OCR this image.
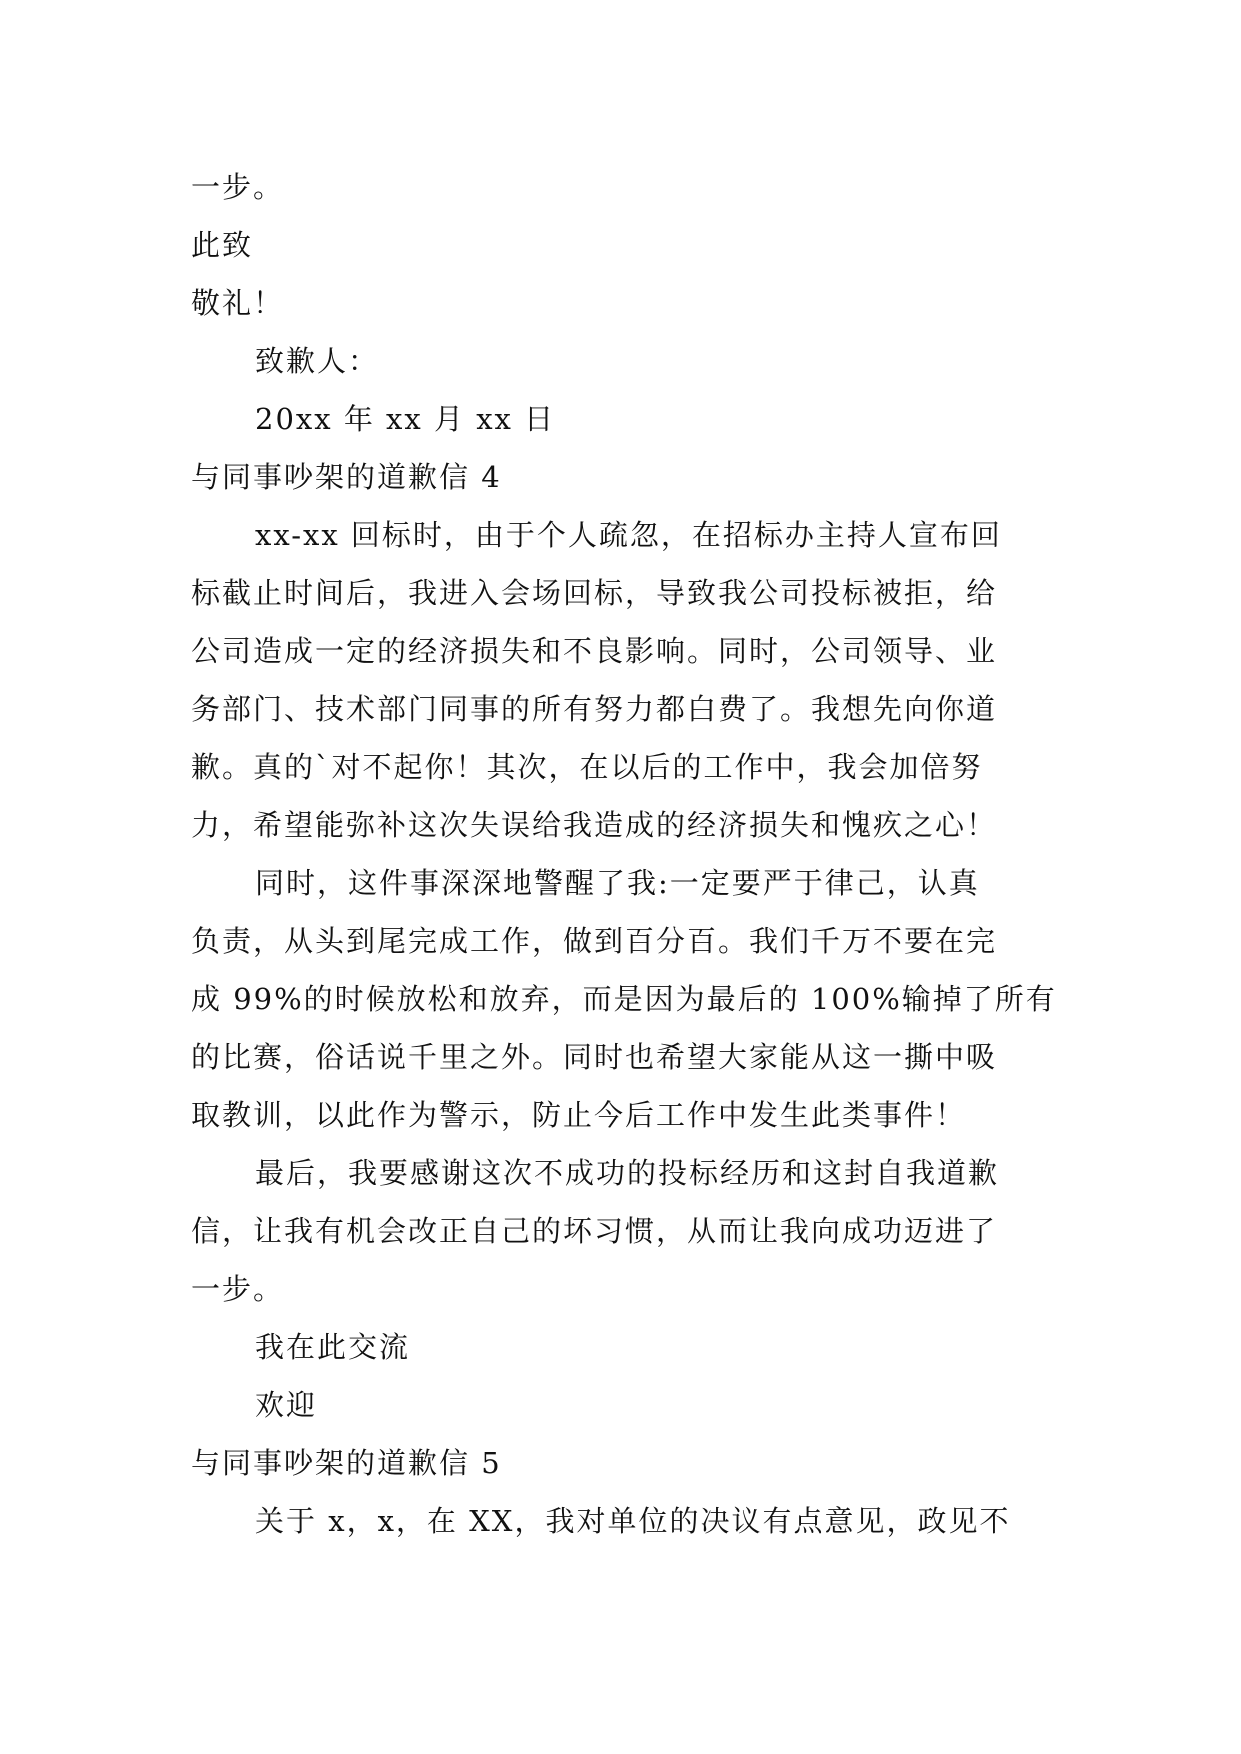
一步。
此致
敬礼！
致歉人：
20xx 年 xx 月 xx 日
与同事吵架的道歉信 4
xx-xx 回标时，由于个人疏忽，在招标办主持人宣布回
标截止时间后，我进入会场回标，导致我公司投标被拒，给
公司造成一定的经济损失和不良影响。同时，公司领导、业
务部门、技术部门同事的所有努力都白费了。我想先向你道
歉。真的`对不起你！其次，在以后的工作中，我会加倍努
力，希望能弥补这次失误给我造成的经济损失和愧疚之心！
同时，这件事深深地警醒了我:一定要严于律己，认真
负责，从头到尾完成工作，做到百分百。我们千万不要在完
成 99%的时候放松和放弃，而是因为最后的 100%输掉了所有
的比赛，俗话说千里之外。同时也希望大家能从这一撕中吸
取教训，以此作为警示，防止今后工作中发生此类事件！
最后，我要感谢这次不成功的投标经历和这封自我道歉
信，让我有机会改正自己的坏习惯，从而让我向成功迈进了
一步。
我在此交流
欢迎
与同事吵架的道歉信 5
关于 x，x，在 XX，我对单位的决议有点意见，政见不
